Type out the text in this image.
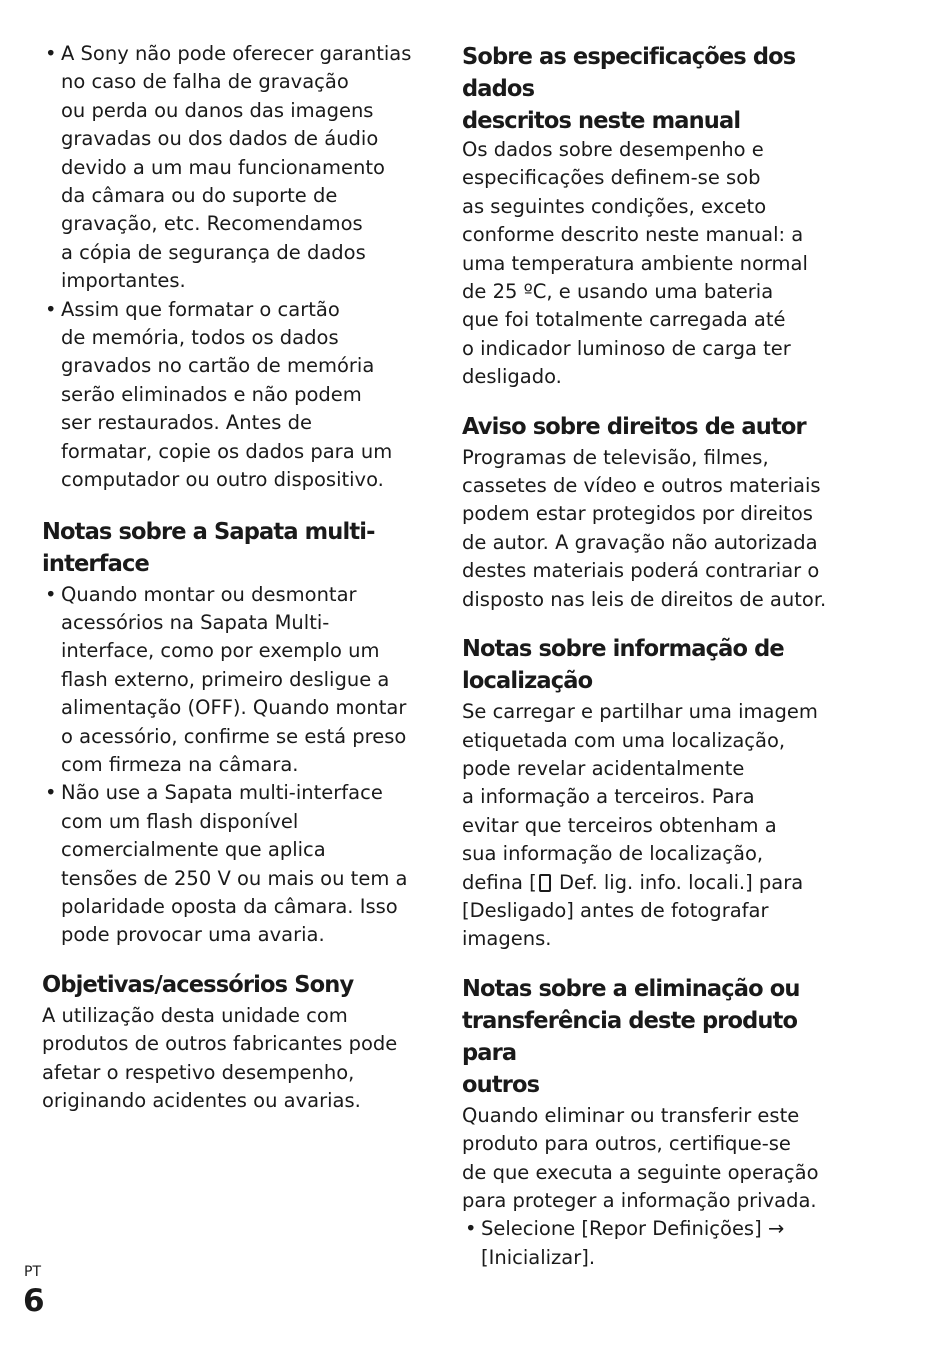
• A Sony não pode oferecer garantias
no caso de falha de gravação
ou perda ou danos das imagens
gravadas ou dos dados de áudio
devido a um mau funcionamento
da câmara ou do suporte de
gravação, etc. Recomendamos
a cópia de segurança de dados
importantes.
• Assim que formatar o cartão
de memória, todos os dados
gravados no cartão de memória
serão eliminados e não podem
ser restaurados. Antes de
formatar, copie os dados para um
computador ou outro dispositivo.
Notas sobre a Sapata multi-
interface
• Quando montar ou desmontar
acessórios na Sapata Multi-
interface, como por exemplo um
flash externo, primeiro desligue a
alimentação (OFF). Quando montar
o acessório, confirme se está preso
com firmeza na câmara.
• Não use a Sapata multi-interface
com um flash disponível
comercialmente que aplica
tensões de 250 V ou mais ou tem a
polaridade oposta da câmara. Isso
pode provocar uma avaria.
Objetivas/acessórios Sony
A utilização desta unidade com
produtos de outros fabricantes pode
afetar o respetivo desempenho,
originando acidentes ou avarias.
Sobre as especificações dos dados
descritos neste manual
Os dados sobre desempenho e
especificações definem-se sob
as seguintes condições, exceto
conforme descrito neste manual: a
uma temperatura ambiente normal
de 25 ºC, e usando uma bateria
que foi totalmente carregada até
o indicador luminoso de carga ter
desligado.
Aviso sobre direitos de autor
Programas de televisão, filmes,
cassetes de vídeo e outros materiais
podem estar protegidos por direitos
de autor. A gravação não autorizada
destes materiais poderá contrariar o
disposto nas leis de direitos de autor.
Notas sobre informação de
localização
Se carregar e partilhar uma imagem
etiquetada com uma localização,
pode revelar acidentalmente
a informação a terceiros. Para
evitar que terceiros obtenham a
sua informação de localização,
defina [ Def. lig. info. locali.] para
[Desligado] antes de fotografar
imagens.
Notas sobre a eliminação ou
transferência deste produto para
outros
Quando eliminar ou transferir este
produto para outros, certifique-se
de que executa a seguinte operação
para proteger a informação privada.
• Selecione [Repor Definições] →
[Inicializar].
PT
6
